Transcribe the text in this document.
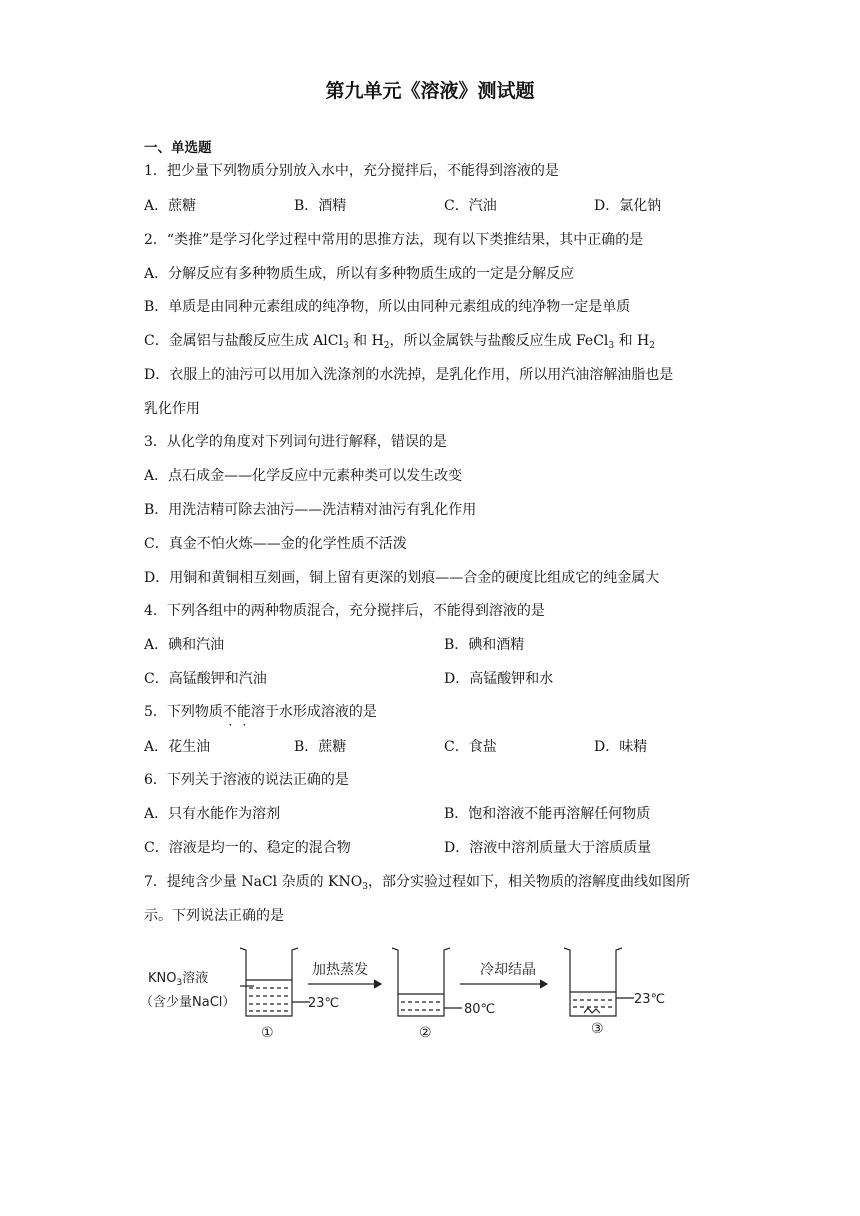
第九单元《溶液》测试题
一、单选题
1．把少量下列物质分别放入水中，充分搅拌后，不能得到溶液的是
A．蔗糖	B．酒精	C．汽油	D．氯化钠
2．“类推”是学习化学过程中常用的思推方法，现有以下类推结果，其中正确的是
A．分解反应有多种物质生成，所以有多种物质生成的一定是分解反应
B．单质是由同种元素组成的纯净物，所以由同种元素组成的纯净物一定是单质
C．金属铝与盐酸反应生成 AlCl$_3$ 和 $H_2$，所以金属铁与盐酸反应生成 FeCl$_3$ 和 $H_2$
D．衣服上的油污可以用加入洗涤剂的水洗掉，是乳化作用，所以用汽油溶解油脂也是
乳化作用
3．从化学的角度对下列词句进行解释，错误的是
A．点石成金——化学反应中元素种类可以发生改变
B．用洗洁精可除去油污——洗洁精对油污有乳化作用
C．真金不怕火炼——金的化学性质不活泼
D．用铜和黄铜相互刻画，铜上留有更深的划痕——合金的硬度比组成它的纯金属大
4．下列各组中的两种物质混合，充分搅拌后，不能得到溶液的是
A．碘和汽油	B．碘和酒精
C．高锰酸钾和汽油	D．高锰酸钾和水
5．下列物质不能溶于水形成溶液的是
A．花生油	B．蔗糖	C．食盐	D．味精
6．下列关于溶液的说法正确的是
A．只有水能作为溶剂	B．饱和溶液不能再溶解任何物质
C．溶液是均一的、稳定的混合物	D．溶液中溶剂质量大于溶质质量
7．提纯含少量 NaCl 杂质的 $KNO_3$，部分实验过程如下，相关物质的溶解度曲线如图所
示。下列说法正确的是
$KNO_3$溶液
（含少量NaCl）
加热蒸发	冷却结晶
23℃	80℃
23℃
①	②	③
